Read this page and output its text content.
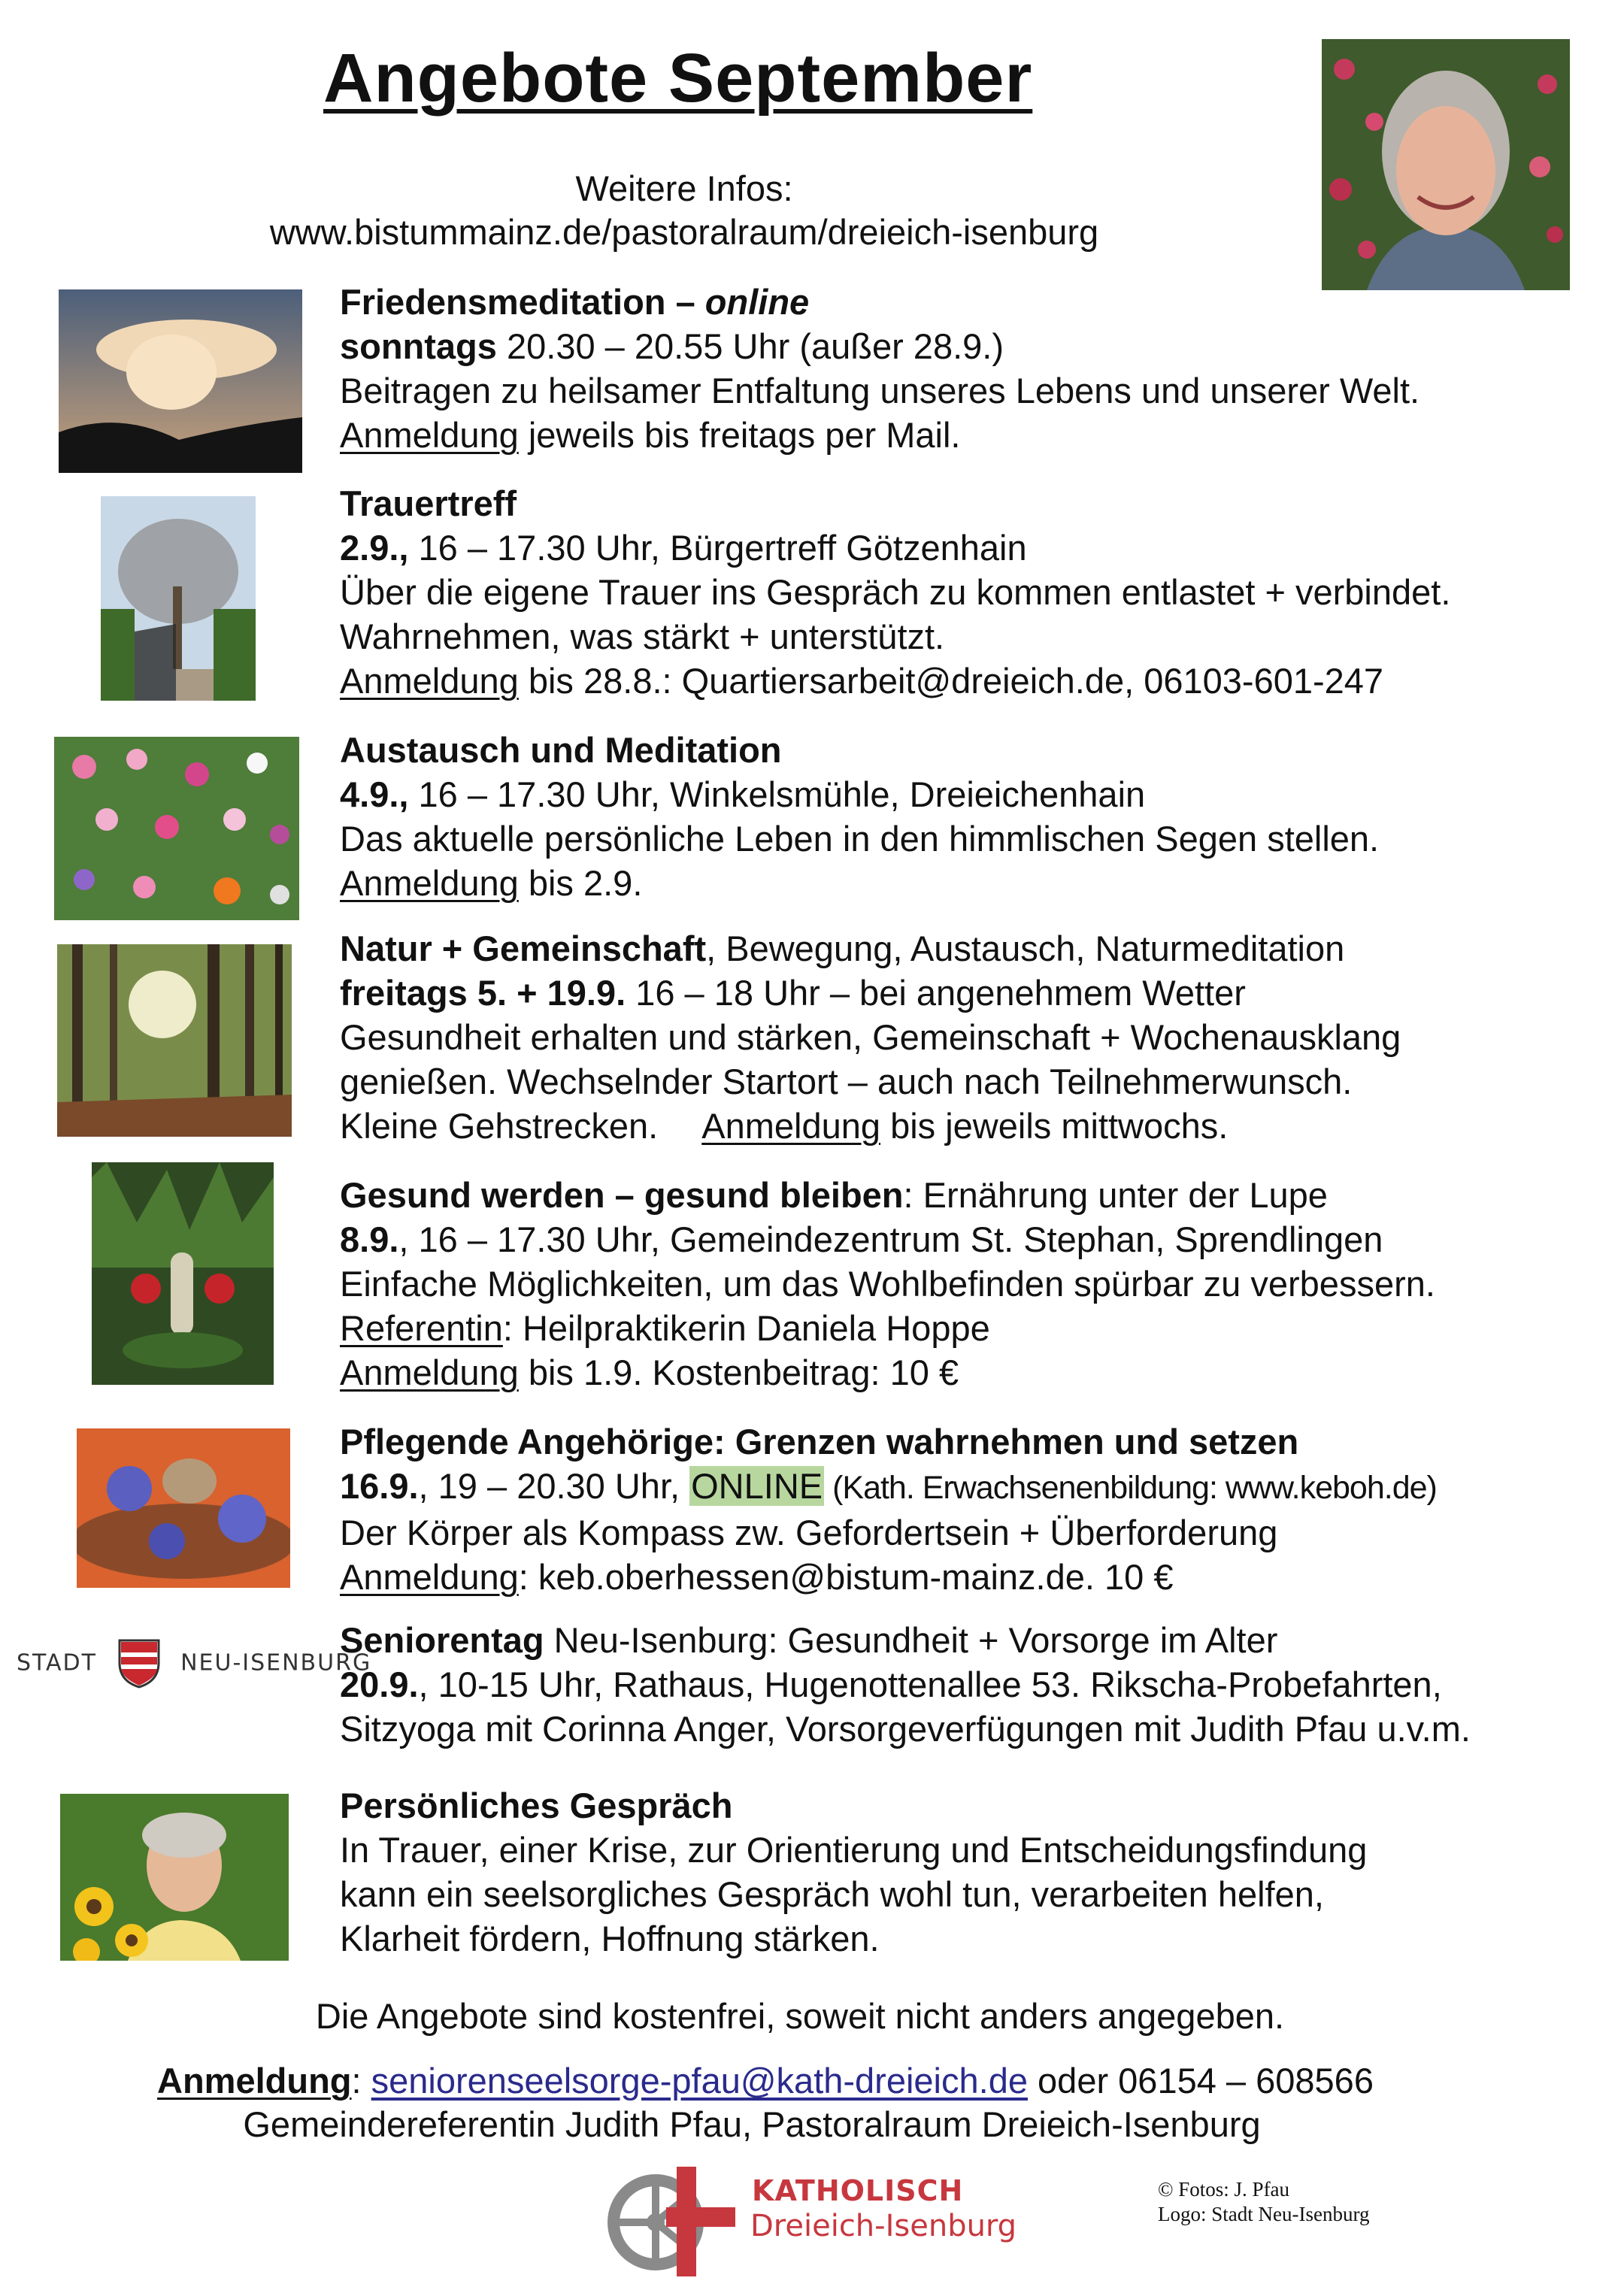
Angebote September
Weitere Infos:
www.bistummainz.de/pastoralraum/dreieich-isenburg

Friedensmeditation – online

sonntags 20.30 – 20.55 Uhr (außer 28.9.)

Beitragen zu heilsamer Entfaltung unseres Lebens und unserer Welt.

Anmeldung jeweils bis freitags per Mail.

Trauertreff

2.9., 16 – 17.30 Uhr, Bürgertreff Götzenhain

Über die eigene Trauer ins Gespräch zu kommen entlastet + verbindet.

Wahrnehmen, was stärkt + unterstützt.

Anmeldung bis 28.8.: Quartiersarbeit@dreieich.de, 06103-601-247

Austausch und Meditation

4.9., 16 – 17.30 Uhr, Winkelsmühle, Dreieichenhain

Das aktuelle persönliche Leben in den himmlischen Segen stellen.

Anmeldung bis 2.9.

Natur + Gemeinschaft, Bewegung, Austausch, Naturmeditation

freitags 5. + 19.9. 16 – 18 Uhr – bei angenehmem Wetter

Gesundheit erhalten und stärken, Gemeinschaft + Wochenausklang

genießen. Wechselnder Startort – auch nach Teilnehmerwunsch.

Kleine Gehstrecken. Anmeldung bis jeweils mittwochs.

Gesund werden – gesund bleiben: Ernährung unter der Lupe

8.9., 16 – 17.30 Uhr, Gemeindezentrum St. Stephan, Sprendlingen

Einfache Möglichkeiten, um das Wohlbefinden spürbar zu verbessern.

Referentin: Heilpraktikerin Daniela Hoppe

Anmeldung bis 1.9. Kostenbeitrag: 10 €

Pflegende Angehörige: Grenzen wahrnehmen und setzen

16.9., 19 – 20.30 Uhr, ONLINE (Kath. Erwachsenenbildung: www.keboh.de)

Der Körper als Kompass zw. Gefordertsein + Überforderung

Anmeldung: keb.oberhessen@bistum-mainz.de. 10 €

STADT	NEU-ISENBURG

Seniorentag Neu-Isenburg: Gesundheit + Vorsorge im Alter

20.9., 10-15 Uhr, Rathaus, Hugenottenallee 53. Rikscha-Probefahrten,

Sitzyoga mit Corinna Anger, Vorsorgeverfügungen mit Judith Pfau u.v.m.

Persönliches Gespräch

In Trauer, einer Krise, zur Orientierung und Entscheidungsfindung

kann ein seelsorgliches Gespräch wohl tun, verarbeiten helfen,

Klarheit fördern, Hoffnung stärken.

Die Angebote sind kostenfrei, soweit nicht anders angegeben.
Anmeldung: seniorenseelsorge-pfau@kath-dreieich.de oder 06154 – 608566
Gemeindereferentin Judith Pfau, Pastoralraum Dreieich-Isenburg
KATHOLISCH
Dreieich-Isenburg
© Fotos: J. Pfau
Logo: Stadt Neu-Isenburg
